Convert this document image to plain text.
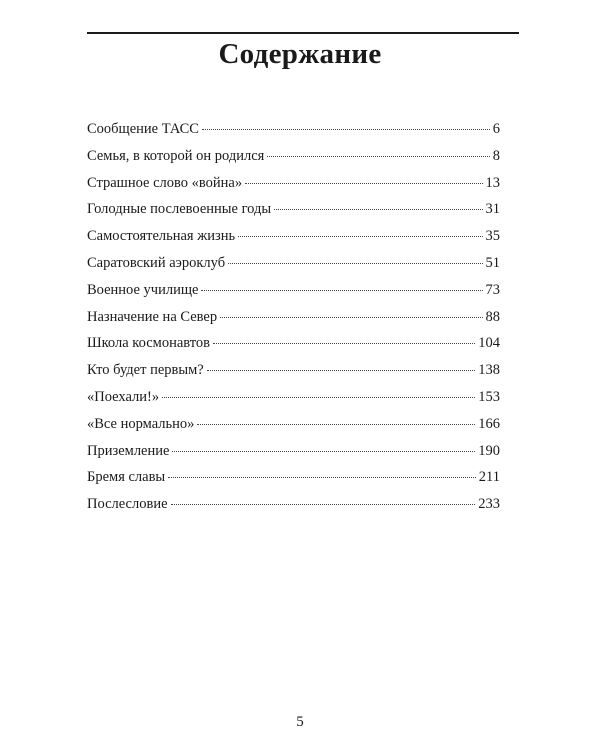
Содержание
Сообщение ТАСС	6
Семья, в которой он родился	8
Страшное слово «война»	13
Голодные послевоенные годы	31
Самостоятельная жизнь	35
Саратовский аэроклуб	51
Военное училище	73
Назначение на Север	88
Школа космонавтов	104
Кто будет первым?	138
«Поехали!»	153
«Все нормально»	166
Приземление	190
Бремя славы	211
Послесловие	233
5
